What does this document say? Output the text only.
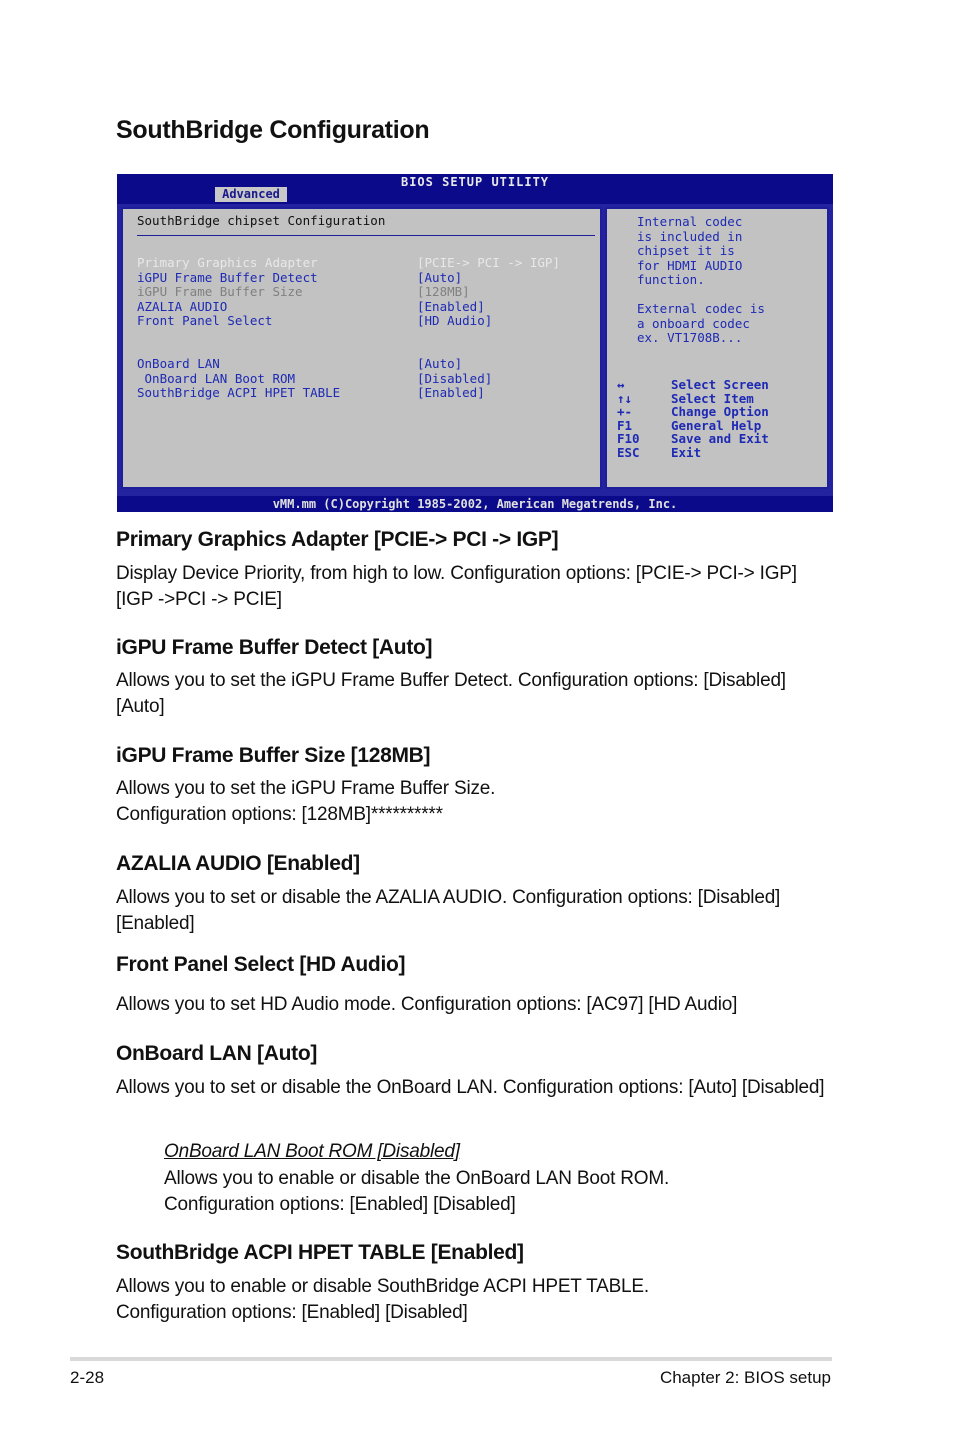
SouthBridge Configuration
BIOS SETUP UTILITY
Advanced
SouthBridge chipset Configuration
Primary Graphics Adapter	[PCIE-> PCI -> IGP]
iGPU Frame Buffer Detect	[Auto]
iGPU Frame Buffer Size	[128MB]
AZALIA AUDIO	[Enabled]
Front Panel Select	[HD Audio]
OnBoard LAN	[Auto]
OnBoard LAN Boot ROM	[Disabled]
SouthBridge ACPI HPET TABLE	[Enabled]
Internal codec
is included in
chipset it is
for HDMI AUDIO
function.
External codec is
a onboard codec
ex. VT1708B...
↔	Select Screen
↑↓	Select Item
+-	Change Option
F1	General Help
F10	Save and Exit
ESC	Exit
vMM.mm (C)Copyright 1985-2002, American Megatrends, Inc.
Primary Graphics Adapter [PCIE-> PCI -> IGP]
Display Device Priority, from high to low. Configuration options: [PCIE-> PCI-> IGP] [IGP ->PCI -> PCIE]
iGPU Frame Buffer Detect [Auto]
Allows you to set the iGPU Frame Buffer Detect. Configuration options: [Disabled] [Auto]
iGPU Frame Buffer Size [128MB]
Allows you to set the iGPU Frame Buffer Size.
Configuration options: [128MB]**********
AZALIA AUDIO [Enabled]
Allows you to set or disable the AZALIA AUDIO. Configuration options: [Disabled] [Enabled]
Front Panel Select [HD Audio]
Allows you to set HD Audio mode. Configuration options: [AC97] [HD Audio]
OnBoard LAN [Auto]
Allows you to set or disable the OnBoard LAN. Configuration options: [Auto] [Disabled]
OnBoard LAN Boot ROM [Disabled]
Allows you to enable or disable the OnBoard LAN Boot ROM.
Configuration options: [Enabled] [Disabled]
SouthBridge ACPI HPET TABLE [Enabled]
Allows you to enable or disable SouthBridge ACPI HPET TABLE.
Configuration options: [Enabled] [Disabled]
2-28	Chapter 2: BIOS setup
